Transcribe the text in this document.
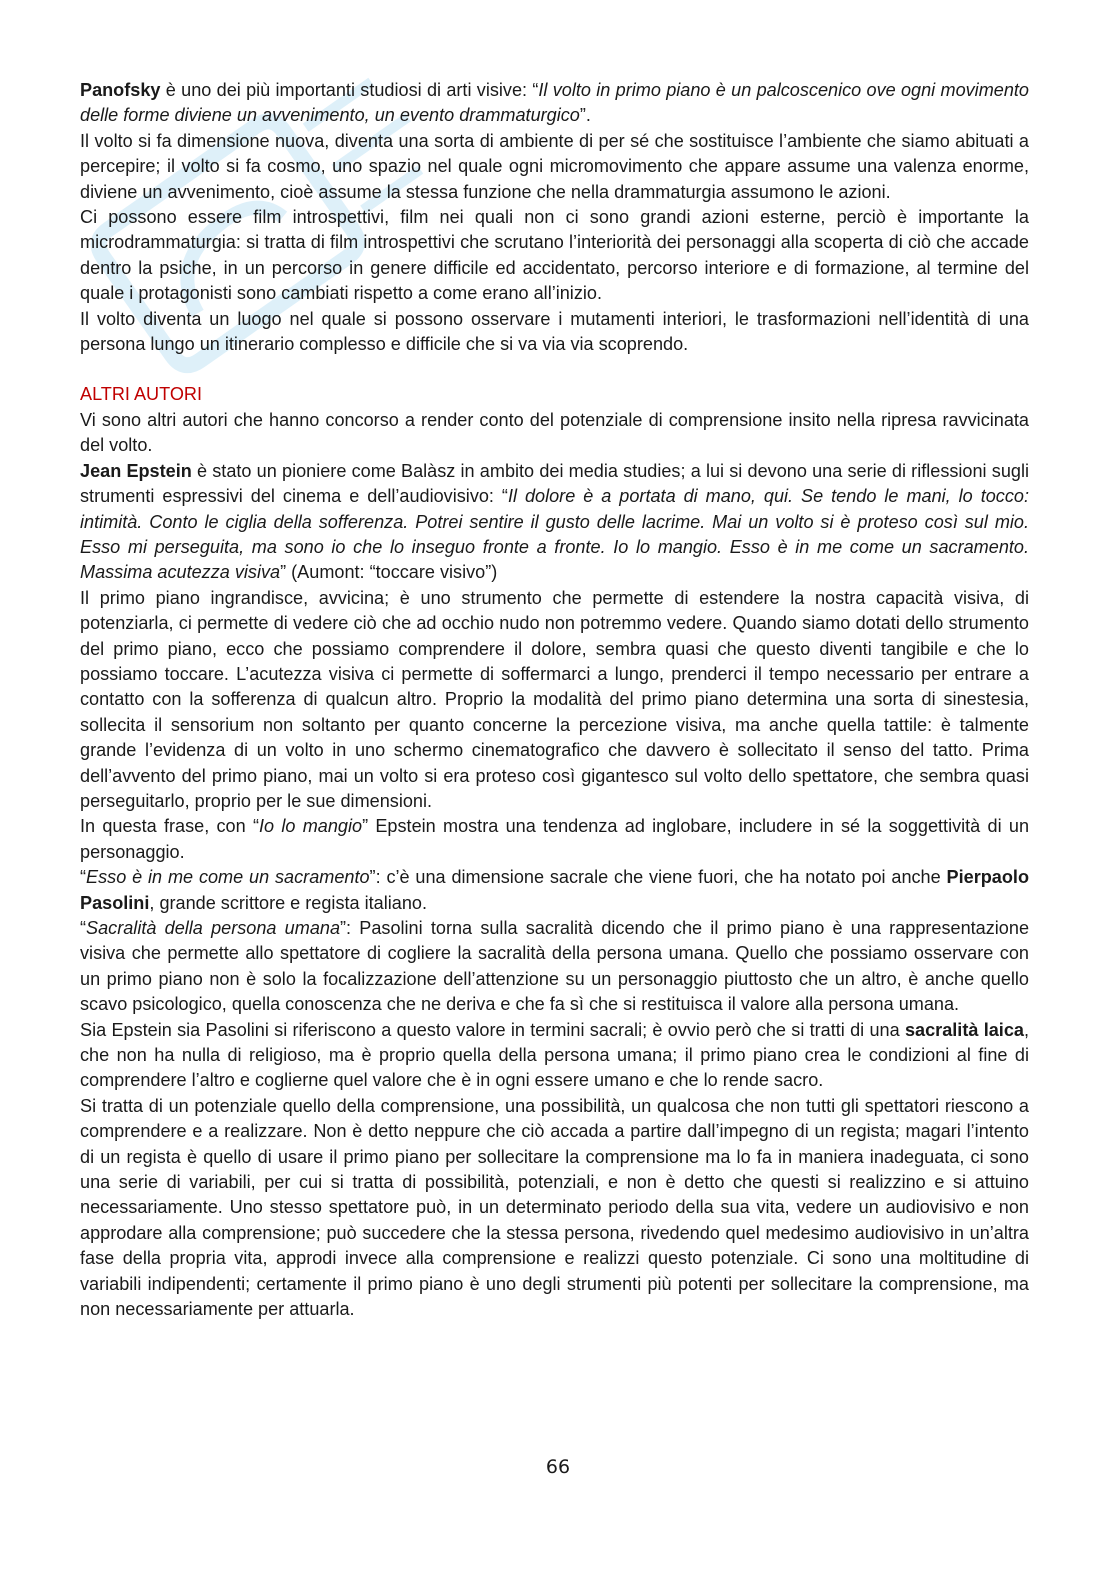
Panofsky è uno dei più importanti studiosi di arti visive: “Il volto in primo piano è un palcoscenico ove ogni movimento delle forme diviene un avvenimento, un evento drammaturgico”.

Il volto si fa dimensione nuova, diventa una sorta di ambiente di per sé che sostituisce l’ambiente che siamo abituati a percepire; il volto si fa cosmo, uno spazio nel quale ogni micromovimento che appare assume una valenza enorme, diviene un avvenimento, cioè assume la stessa funzione che nella drammaturgia assumono le azioni.

Ci possono essere film introspettivi, film nei quali non ci sono grandi azioni esterne, perciò è importante la microdrammaturgia: si tratta di film introspettivi che scrutano l’interiorità dei personaggi alla scoperta di ciò che accade dentro la psiche, in un percorso in genere difficile ed accidentato, percorso interiore e di formazione, al termine del quale i protagonisti sono cambiati rispetto a come erano all’inizio.

Il volto diventa un luogo nel quale si possono osservare i mutamenti interiori, le trasformazioni nell’identità di una persona lungo un itinerario complesso e difficile che si va via via scoprendo.

ALTRI AUTORI

Vi sono altri autori che hanno concorso a render conto del potenziale di comprensione insito nella ripresa ravvicinata del volto.

Jean Epstein è stato un pioniere come Balàsz in ambito dei media studies; a lui si devono una serie di riflessioni sugli strumenti espressivi del cinema e dell’audiovisivo: “Il dolore è a portata di mano, qui. Se tendo le mani, lo tocco: intimità. Conto le ciglia della sofferenza. Potrei sentire il gusto delle lacrime. Mai un volto si è proteso così sul mio. Esso mi perseguita, ma sono io che lo inseguo fronte a fronte. Io lo mangio. Esso è in me come un sacramento. Massima acutezza visiva” (Aumont: “toccare visivo”)

Il primo piano ingrandisce, avvicina; è uno strumento che permette di estendere la nostra capacità visiva, di potenziarla, ci permette di vedere ciò che ad occhio nudo non potremmo vedere. Quando siamo dotati dello strumento del primo piano, ecco che possiamo comprendere il dolore, sembra quasi che questo diventi tangibile e che lo possiamo toccare. L’acutezza visiva ci permette di soffermarci a lungo, prenderci il tempo necessario per entrare a contatto con la sofferenza di qualcun altro. Proprio la modalità del primo piano determina una sorta di sinestesia, sollecita il sensorium non soltanto per quanto concerne la percezione visiva, ma anche quella tattile: è talmente grande l’evidenza di un volto in uno schermo cinematografico che davvero è sollecitato il senso del tatto. Prima dell’avvento del primo piano, mai un volto si era proteso così gigantesco sul volto dello spettatore, che sembra quasi perseguitarlo, proprio per le sue dimensioni.

In questa frase, con “Io lo mangio” Epstein mostra una tendenza ad inglobare, includere in sé la soggettività di un personaggio.

“Esso è in me come un sacramento”: c’è una dimensione sacrale che viene fuori, che ha notato poi anche Pierpaolo Pasolini, grande scrittore e regista italiano.

“Sacralità della persona umana”: Pasolini torna sulla sacralità dicendo che il primo piano è una rappresentazione visiva che permette allo spettatore di cogliere la sacralità della persona umana. Quello che possiamo osservare con un primo piano non è solo la focalizzazione dell’attenzione su un personaggio piuttosto che un altro, è anche quello scavo psicologico, quella conoscenza che ne deriva e che fa sì che si restituisca il valore alla persona umana.

Sia Epstein sia Pasolini si riferiscono a questo valore in termini sacrali; è ovvio però che si tratti di una sacralità laica, che non ha nulla di religioso, ma è proprio quella della persona umana; il primo piano crea le condizioni al fine di comprendere l’altro e coglierne quel valore che è in ogni essere umano e che lo rende sacro.

Si tratta di un potenziale quello della comprensione, una possibilità, un qualcosa che non tutti gli spettatori riescono a comprendere e a realizzare. Non è detto neppure che ciò accada a partire dall’impegno di un regista; magari l’intento di un regista è quello di usare il primo piano per sollecitare la comprensione ma lo fa in maniera inadeguata, ci sono una serie di variabili, per cui si tratta di possibilità, potenziali, e non è detto che questi si realizzino e si attuino necessariamente. Uno stesso spettatore può, in un determinato periodo della sua vita, vedere un audiovisivo e non approdare alla comprensione; può succedere che la stessa persona, rivedendo quel medesimo audiovisivo in un’altra fase della propria vita, approdi invece alla comprensione e realizzi questo potenziale. Ci sono una moltitudine di variabili indipendenti; certamente il primo piano è uno degli strumenti più potenti per sollecitare la comprensione, ma non necessariamente per attuarla.

66
